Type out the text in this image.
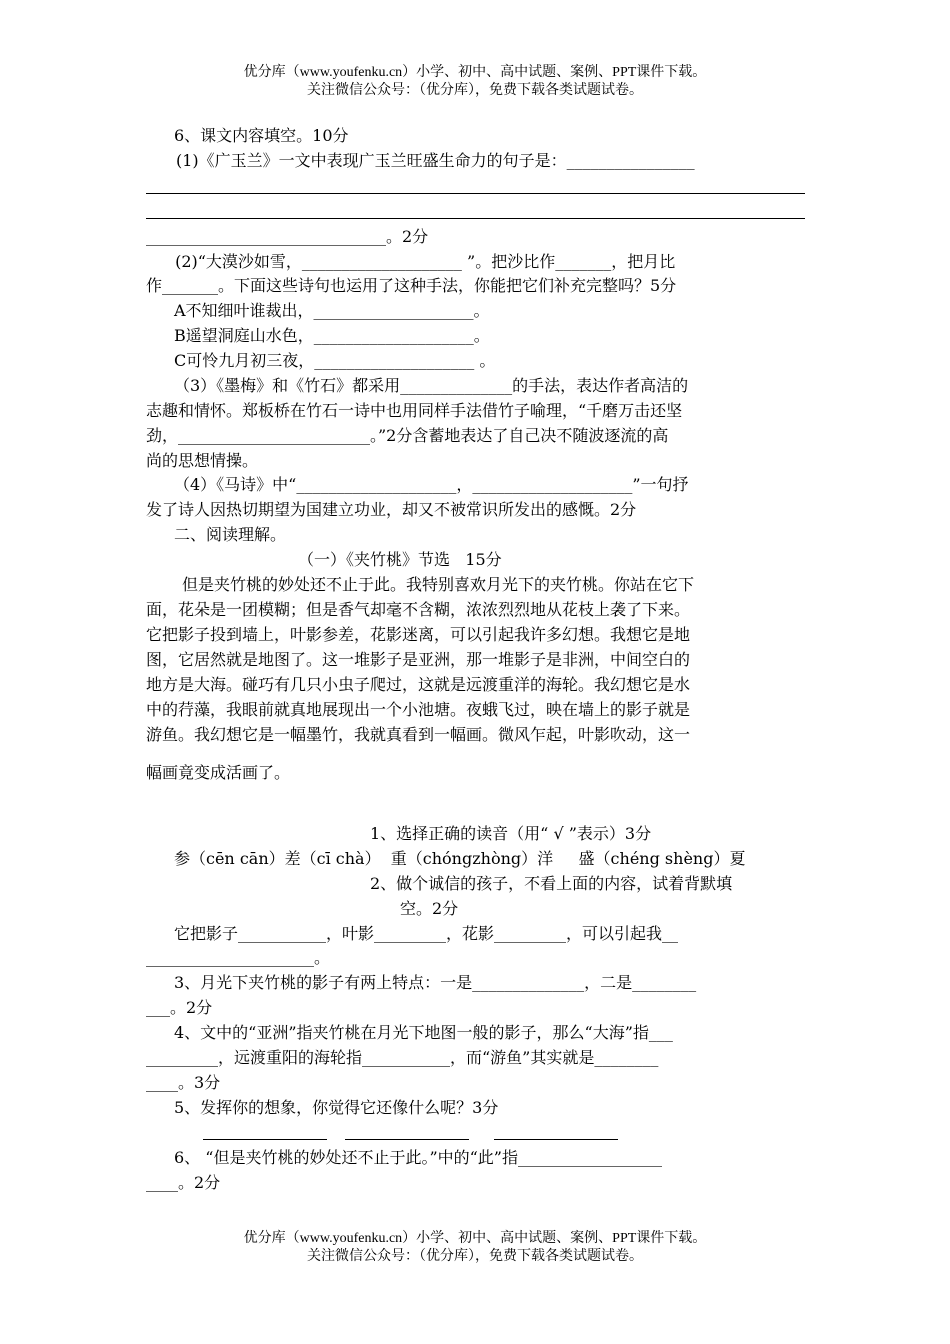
优分库（www.youfenku.cn）小学、初中、高中试题、案例、PPT课件下载。
关注微信公众号：（优分库），免费下载各类试题试卷。
6、课文内容填空。10分
(1)《广玉兰》一文中表现广玉兰旺盛生命力的句子是：________________
______________________________。2分
(2)“大漠沙如雪，____________________ ”。把沙比作_______，把月比
作_______。下面这些诗句也运用了这种手法，你能把它们补充完整吗？5分
A不知细叶谁裁出，____________________。
B遥望洞庭山水色，____________________。
C可怜九月初三夜，____________________ 。
（3）《墨梅》和《竹石》都采用______________的手法，表达作者高洁的
志趣和情怀。郑板桥在竹石一诗中也用同样手法借竹子喻理，“千磨万击还坚
劲，________________________。”2分含蓄地表达了自己决不随波逐流的高
尚的思想情操。
（4）《马诗》中“____________________，____________________”一句抒
发了诗人因热切期望为国建立功业，却又不被常识所发出的感慨。2分
二、阅读理解。
（一）《夹竹桃》节选   15分
但是夹竹桃的妙处还不止于此。我特别喜欢月光下的夹竹桃。你站在它下
面，花朵是一团模糊；但是香气却毫不含糊，浓浓烈烈地从花枝上袭了下来。
它把影子投到墙上，叶影参差，花影迷离，可以引起我许多幻想。我想它是地
图，它居然就是地图了。这一堆影子是亚洲，那一堆影子是非洲，中间空白的
地方是大海。碰巧有几只小虫子爬过，这就是远渡重洋的海轮。我幻想它是水
中的荇藻，我眼前就真地展现出一个小池塘。夜蛾飞过，映在墙上的影子就是
游鱼。我幻想它是一幅墨竹，我就真看到一幅画。微风乍起，叶影吹动，这一
幅画竟变成活画了。
1、选择正确的读音（用“ √ ”表示）3分
参（cēn cān）差（cī chà）  重（chóngzhòng）洋     盛（chéng shèng）夏
2、做个诚信的孩子，不看上面的内容，试着背默填
空。2分
它把影子___________，叶影_________，花影_________，可以引起我__
_____________________。
3、月光下夹竹桃的影子有两上特点：一是______________，二是________
___。2分
4、文中的“亚洲”指夹竹桃在月光下地图一般的影子，那么“大海”指___
_________，远渡重阳的海轮指___________，而“游鱼”其实就是________
____。3分
5、发挥你的想象，你觉得它还像什么呢？3分
6、 “但是夹竹桃的妙处还不止于此。”中的“此”指__________________
____。2分
优分库（www.youfenku.cn）小学、初中、高中试题、案例、PPT课件下载。
关注微信公众号：（优分库），免费下载各类试题试卷。
